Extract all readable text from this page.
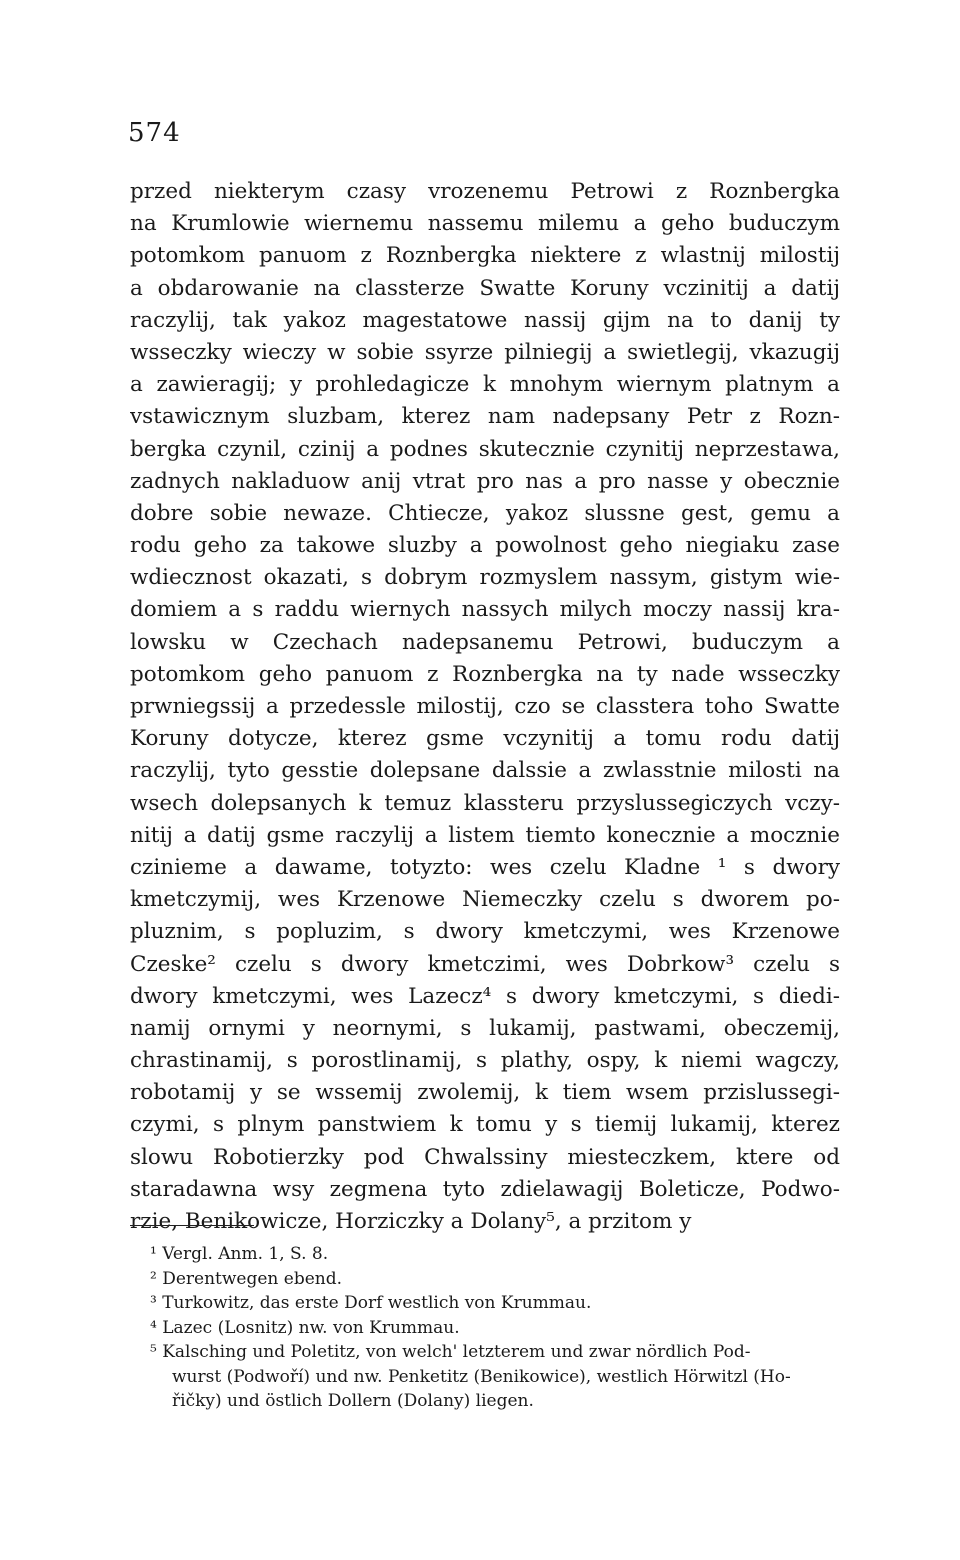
574
przed niekterym czasy vrozenemu Petrowi z Roznbergka
na Krumlowie wiernemu nassemu milemu a geho buduczym
potomkom panuom z Roznbergka niektere z wlastnij milostij
a obdarowanie na classterze Swatte Koruny vczinitij a datij
raczylij, tak yakoz magestatowe nassij gijm na to danij ty
wsseczky wieczy w sobie ssyrze pilniegij a swietlegij, vkazugij
a zawieragij; y prohledagicze k mnohym wiernym platnym a
vstawicznym sluzbam, kterez nam nadepsany Petr z Rozn-
bergka czynil, czinij a podnes skutecznie czynitij neprzestawa,
zadnych nakladuow anij vtrat pro nas a pro nasse y obecznie
dobre sobie newaze. Chtiecze, yakoz slussne gest, gemu a
rodu geho za takowe sluzby a powolnost geho niegiaku zase
wdiecznost okazati, s dobrym rozmyslem nassym, gistym wie-
domiem a s raddu wiernych nassych milych moczy nassij kra-
lowsku w Czechach nadepsanemu Petrowi, buduczym a
potomkom geho panuom z Roznbergka na ty nade wsseczky
prwniegssij a przedessle milostij, czo se classtera toho Swatte
Koruny dotycze, kterez gsme vczynitij a tomu rodu datij
raczylij, tyto gesstie dolepsane dalssie a zwlasstnie milosti na
wsech dolepsanych k temuz klassteru przyslussegiczych vczy-
nitij a datij gsme raczylij a listem tiemto konecznie a mocznie
czinieme a dawame, totyzto: wes czelu Kladne ¹ s dwory
kmetczymij, wes Krzenowe Niemeczky czelu s dworem po-
pluznim, s popluzim, s dwory kmetczymi, wes Krzenowe
Czeske² czelu s dwory kmetczimi, wes Dobrkow³ czelu s
dwory kmetczymi, wes Lazecz⁴ s dwory kmetczymi, s diedi-
namij ornymi y neornymi, s lukamij, pastwami, obeczemij,
chrastinamij, s porostlinamij, s plathy, ospy, k niemi wagczy,
robotamij y se wssemij zwolemij, k tiem wsem przislussegi-
czymi, s plnym panstwiem k tomu y s tiemij lukamij, kterez
slowu Robotierzky pod Chwalssiny miesteczkem, ktere od
staradawna wsy zegmena tyto zdielawagij Boleticze, Podwo-
rzie, Benikowicze, Horziczky a Dolany⁵, a przitom y
¹ Vergl. Anm. 1, S. 8.
² Derentwegen ebend.
³ Turkowitz, das erste Dorf westlich von Krummau.
⁴ Lazec (Losnitz) nw. von Krummau.
⁵ Kalsching und Poletitz, von welch' letzterem und zwar nördlich Pod-
wurst (Podwoří) und nw. Penketitz (Benikowice), westlich Hörwitzl (Ho-
řičky) und östlich Dollern (Dolany) liegen.
